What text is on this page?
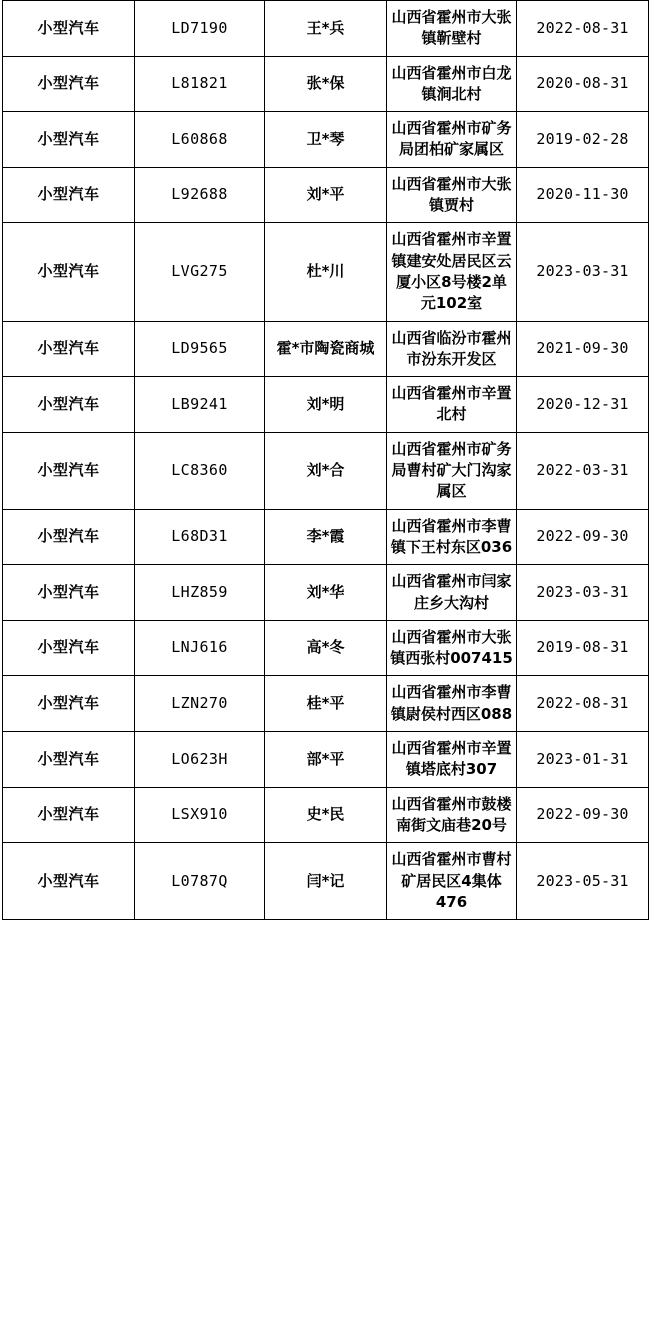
小型汽车	LD7190	王*兵	山西省霍州市大张镇靳壁村	2022-08-31
小型汽车	L81821	张*保	山西省霍州市白龙镇涧北村	2020-08-31
小型汽车	L60868	卫*琴	山西省霍州市矿务局团柏矿家属区	2019-02-28
小型汽车	L92688	刘*平	山西省霍州市大张镇贾村	2020-11-30
小型汽车	LVG275	杜*川	山西省霍州市辛置镇建安处居民区云厦小区8号楼2单元102室	2023-03-31
小型汽车	LD9565	霍*市陶瓷商城	山西省临汾市霍州市汾东开发区	2021-09-30
小型汽车	LB9241	刘*明	山西省霍州市辛置北村	2020-12-31
小型汽车	LC8360	刘*合	山西省霍州市矿务局曹村矿大门沟家属区	2022-03-31
小型汽车	L68D31	李*霞	山西省霍州市李曹镇下王村东区036	2022-09-30
小型汽车	LHZ859	刘*华	山西省霍州市闫家庄乡大沟村	2023-03-31
小型汽车	LNJ616	高*冬	山西省霍州市大张镇西张村007415	2019-08-31
小型汽车	LZN270	桂*平	山西省霍州市李曹镇尉侯村西区088	2022-08-31
小型汽车	LO623H	部*平	山西省霍州市辛置镇塔底村307	2023-01-31
小型汽车	LSX910	史*民	山西省霍州市鼓楼南街文庙巷20号	2022-09-30
小型汽车	L0787Q	闫*记	山西省霍州市曹村矿居民区4集体476	2023-05-31
